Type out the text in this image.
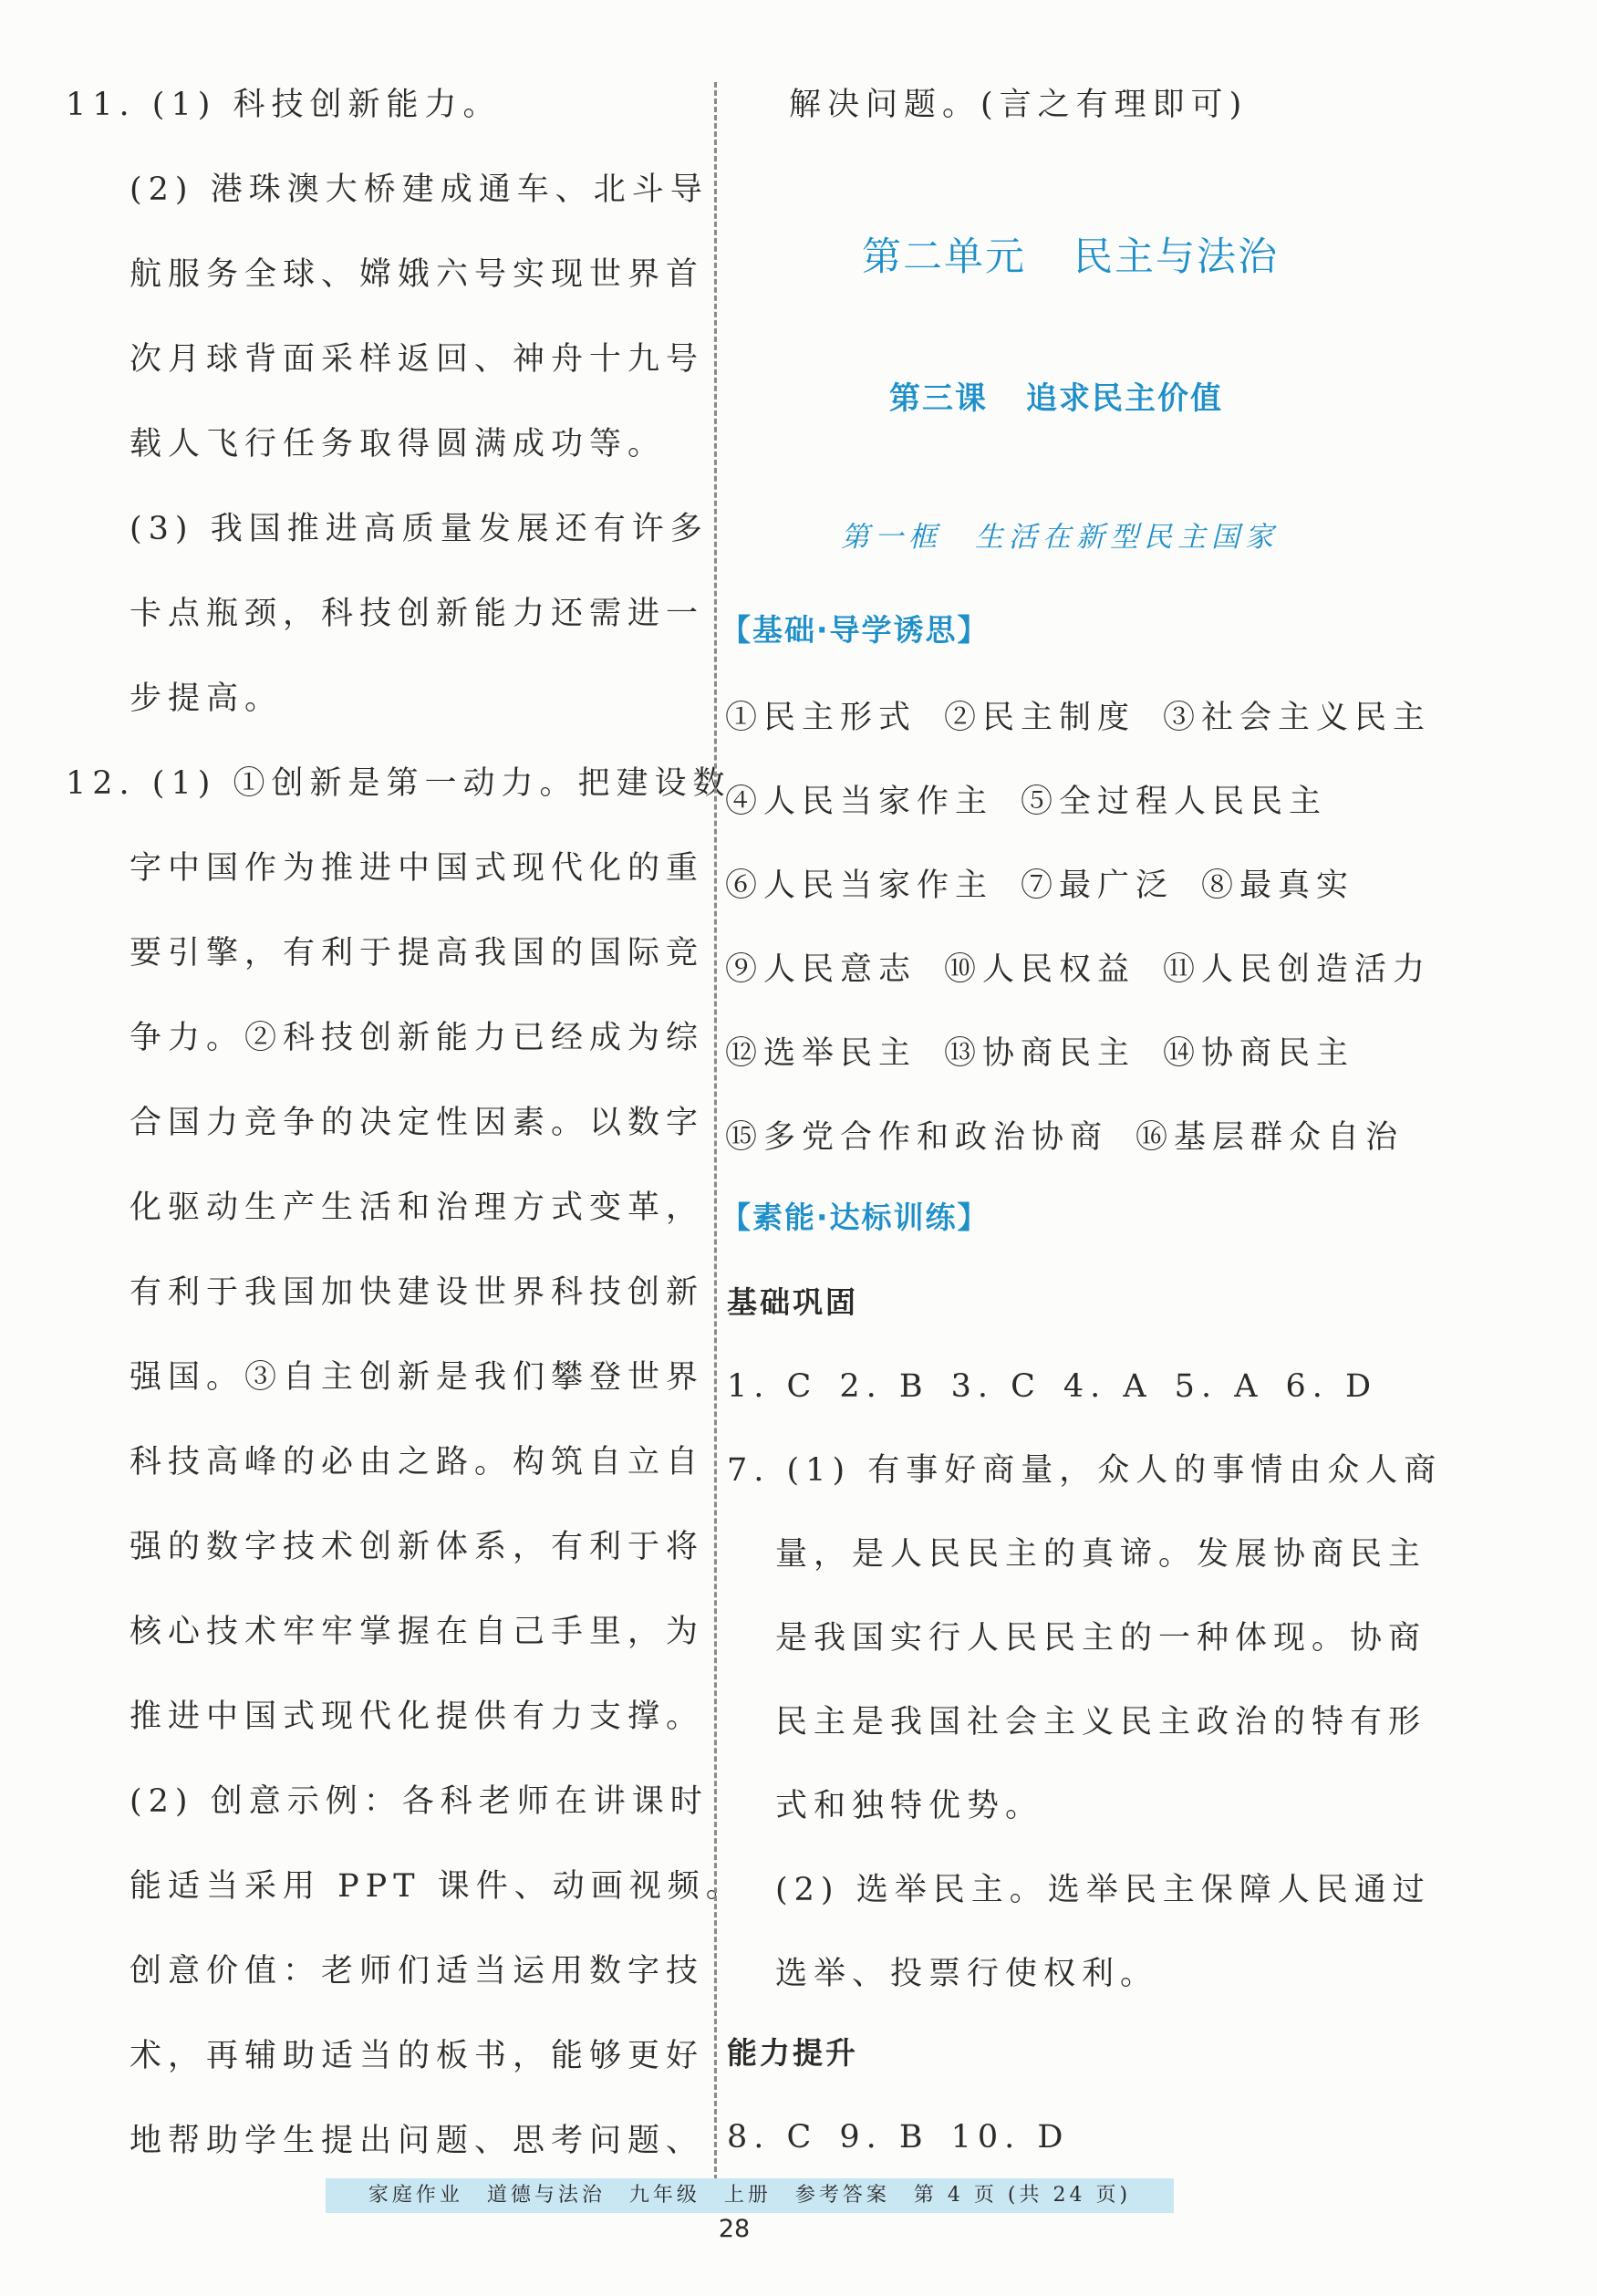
11. (1) 科技创新能力。
(2) 港珠澳大桥建成通车、北斗导
航服务全球、嫦娥六号实现世界首
次月球背面采样返回、神舟十九号
载人飞行任务取得圆满成功等。
(3) 我国推进高质量发展还有许多
卡点瓶颈，科技创新能力还需进一
步提高。
12. (1) ①创新是第一动力。把建设数
字中国作为推进中国式现代化的重
要引擎，有利于提高我国的国际竞
争力。②科技创新能力已经成为综
合国力竞争的决定性因素。以数字
化驱动生产生活和治理方式变革，
有利于我国加快建设世界科技创新
强国。③自主创新是我们攀登世界
科技高峰的必由之路。构筑自立自
强的数字技术创新体系，有利于将
核心技术牢牢掌握在自己手里，为
推进中国式现代化提供有力支撑。
(2) 创意示例：各科老师在讲课时
能适当采用 PPT 课件、动画视频。
创意价值：老师们适当运用数字技
术，再辅助适当的板书，能够更好
地帮助学生提出问题、思考问题、
解决问题。(言之有理即可)
第二单元 民主与法治
第三课 追求民主价值
第一框 生活在新型民主国家
【基础·导学诱思】
①民主形式 ②民主制度 ③社会主义民主
④人民当家作主 ⑤全过程人民民主
⑥人民当家作主 ⑦最广泛 ⑧最真实
⑨人民意志 ⑩人民权益 ⑪人民创造活力
⑫选举民主 ⑬协商民主 ⑭协商民主
⑮多党合作和政治协商 ⑯基层群众自治
【素能·达标训练】
基础巩固
1. C 2. B 3. C 4. A 5. A 6. D
7. (1) 有事好商量，众人的事情由众人商
量，是人民民主的真谛。发展协商民主
是我国实行人民民主的一种体现。协商
民主是我国社会主义民主政治的特有形
式和独特优势。
(2) 选举民主。选举民主保障人民通过
选举、投票行使权利。
能力提升
8. C 9. B 10. D
家庭作业　道德与法治　九年级　上册　参考答案　第 4 页 (共 24 页)
28
